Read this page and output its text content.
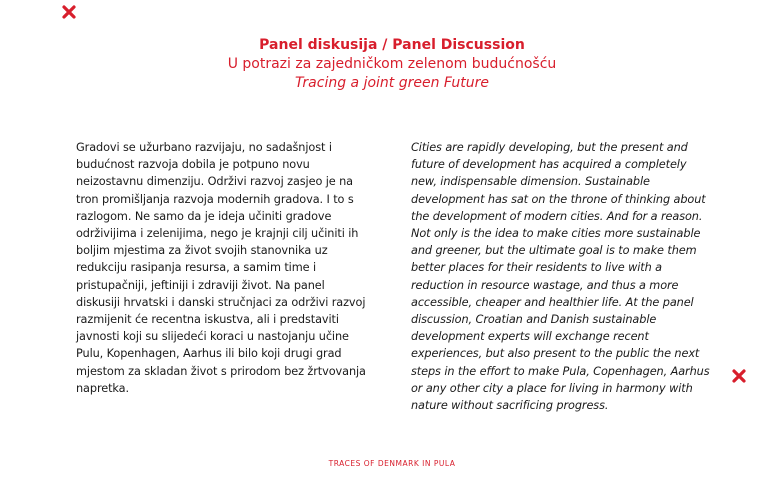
Panel diskusija / Panel Discussion
U potrazi za zajedničkom zelenom budućnošću
Tracing a joint green Future
Gradovi se užurbano razvijaju, no sadašnjost i budućnost razvoja dobila je potpuno novu neizostavnu dimenziju. Održivi razvoj zasjeo je na tron promišljanja razvoja modernih gradova. I to s razlogom. Ne samo da je ideja učiniti gradove održivijima i zelenijima, nego je krajnji cilj učiniti ih boljim mjestima za život svojih stanovnika uz redukciju rasipanja resursa, a samim time i pristupačniji, jeftiniji i zdraviji život. Na panel diskusiji hrvatski i danski stručnjaci za održivi razvoj razmijenit će recentna iskustva, ali i predstaviti javnosti koji su slijedeći koraci u nastojanju učine Pulu, Kopenhagen, Aarhus ili bilo koji drugi grad mjestom za skladan život s prirodom bez žrtvovanja napretka.
Cities are rapidly developing, but the present and future of development has acquired a completely new, indispensable dimension. Sustainable development has sat on the throne of thinking about the development of modern cities. And for a reason. Not only is the idea to make cities more sustainable and greener, but the ultimate goal is to make them better places for their residents to live with a reduction in resource wastage, and thus a more accessible, cheaper and healthier life. At the panel discussion, Croatian and Danish sustainable development experts will exchange recent experiences, but also present to the public the next steps in the effort to make Pula, Copenhagen, Aarhus or any other city a place for living in harmony with nature without sacrificing progress.
TRACES OF DENMARK IN PULA
